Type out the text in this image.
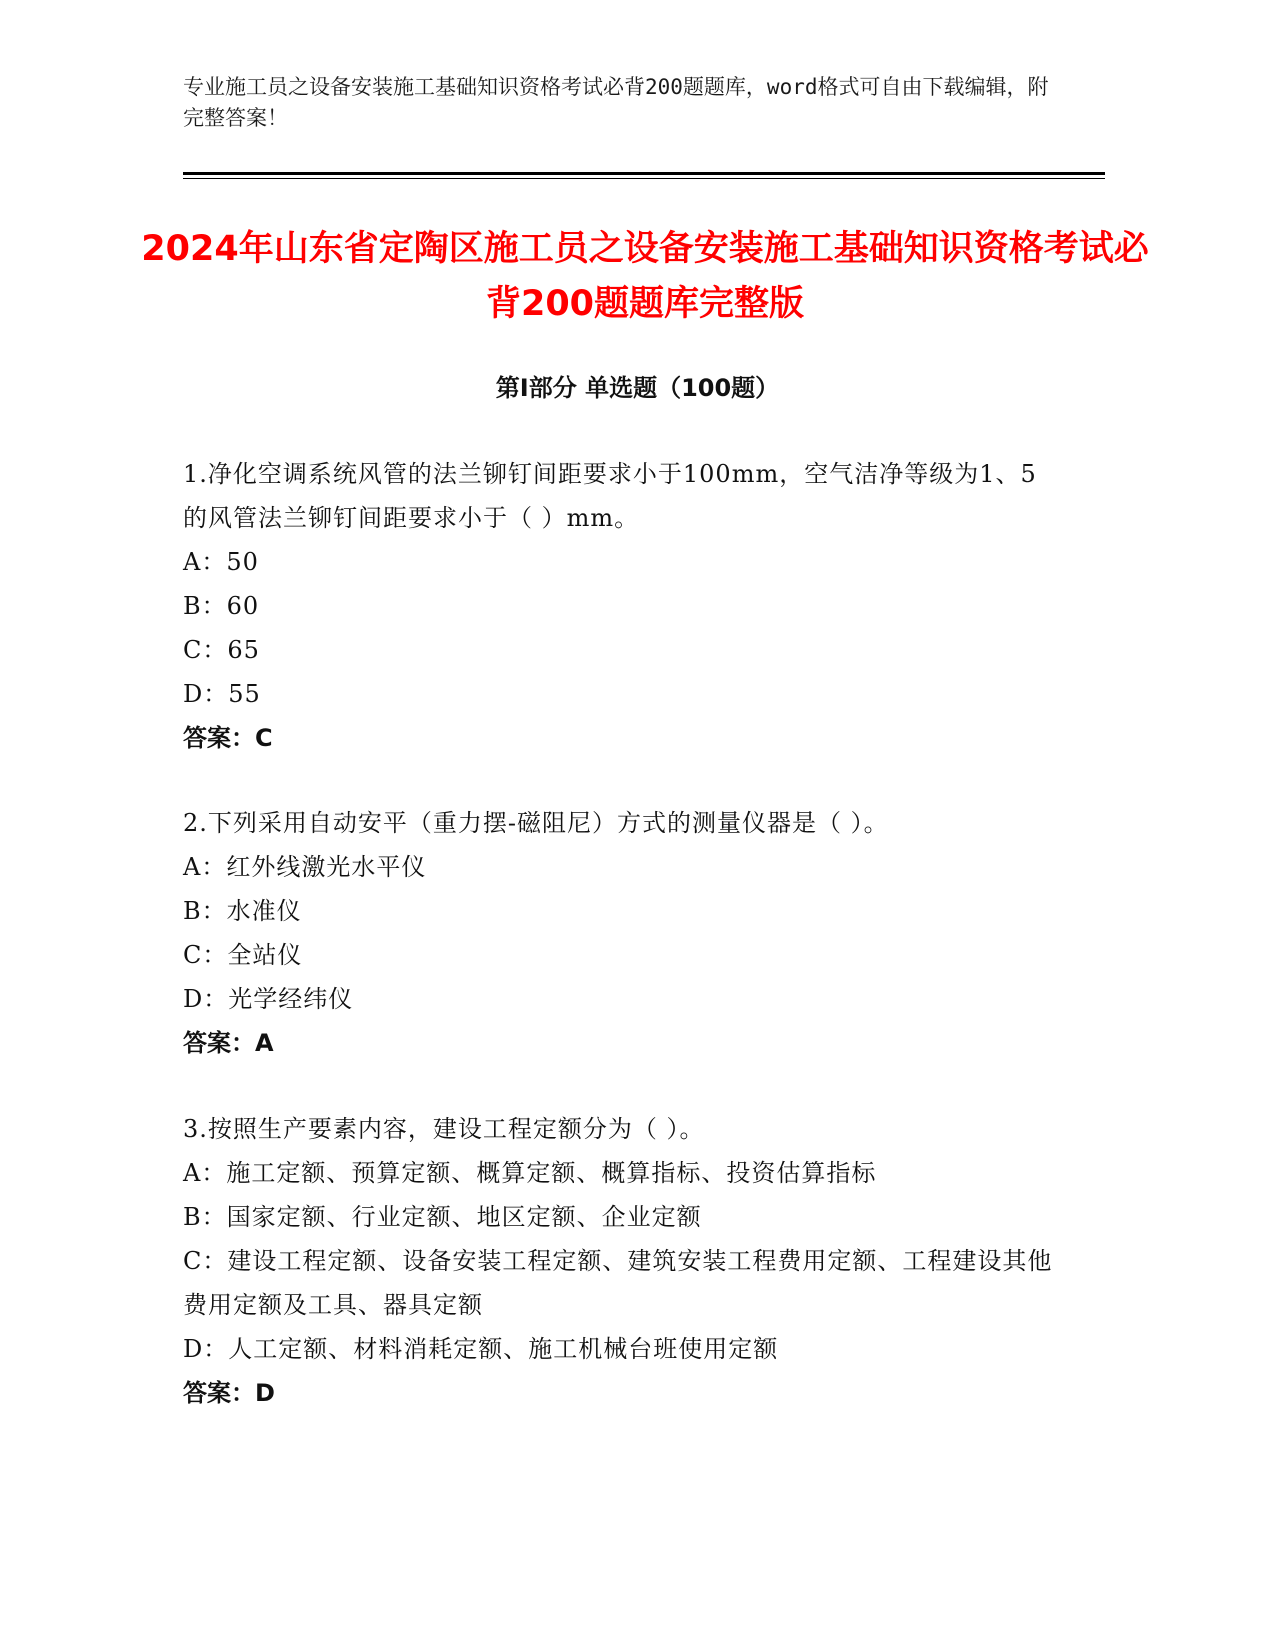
专业施工员之设备安装施工基础知识资格考试必背200题题库，word格式可自由下载编辑，附完整答案！
2024年山东省定陶区施工员之设备安装施工基础知识资格考试必背200题题库完整版
第Ⅰ部分 单选题（100题）
1.净化空调系统风管的法兰铆钉间距要求小于100mm，空气洁净等级为1、5的风管法兰铆钉间距要求小于（ ）mm。
A：50
B：60
C：65
D：55
答案：C
2.下列采用自动安平（重力摆-磁阻尼）方式的测量仪器是（ ）。
A：红外线激光水平仪
B：水准仪
C：全站仪
D：光学经纬仪
答案：A
3.按照生产要素内容，建设工程定额分为（ ）。
A：施工定额、预算定额、概算定额、概算指标、投资估算指标
B：国家定额、行业定额、地区定额、企业定额
C：建设工程定额、设备安装工程定额、建筑安装工程费用定额、工程建设其他费用定额及工具、器具定额
D：人工定额、材料消耗定额、施工机械台班使用定额
答案：D
